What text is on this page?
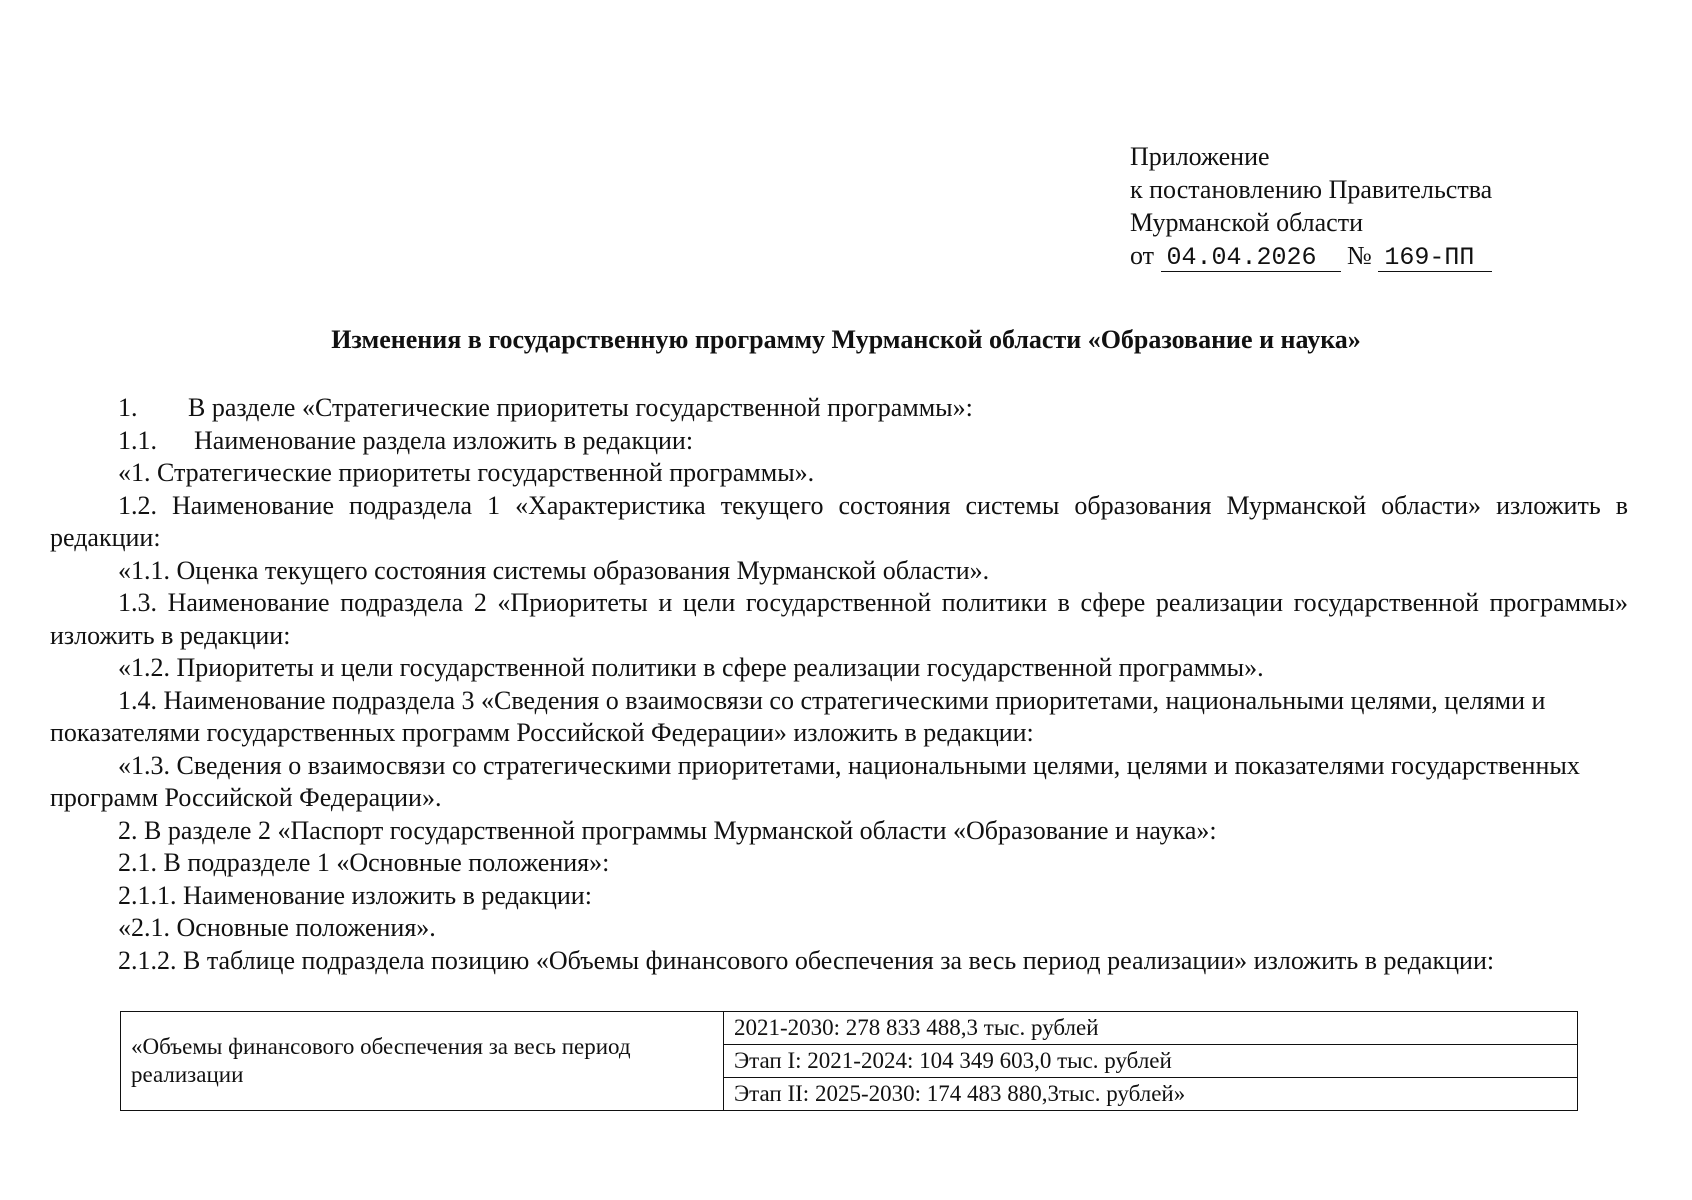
Приложение
к постановлению Правительства
Мурманской области
от 04.04.2026 № 169-ПП
Изменения в государственную программу Мурманской области «Образование и наука»

1. В разделе «Стратегические приоритеты государственной программы»:

1.1. Наименование раздела изложить в редакции:

«1. Стратегические приоритеты государственной программы».

1.2. Наименование подраздела 1 «Характеристика текущего состояния системы образования Мурманской области» изложить в редакции:

«1.1. Оценка текущего состояния системы образования Мурманской области».

1.3. Наименование подраздела 2 «Приоритеты и цели государственной политики в сфере реализации государственной программы» изложить в редакции:

«1.2. Приоритеты и цели государственной политики в сфере реализации государственной программы».

1.4. Наименование подраздела 3 «Сведения о взаимосвязи со стратегическими приоритетами, национальными целями, целями и показателями государственных программ Российской Федерации» изложить в редакции:

«1.3. Сведения о взаимосвязи со стратегическими приоритетами, национальными целями, целями и показателями государственных программ Российской Федерации».

2. В разделе 2 «Паспорт государственной программы Мурманской области «Образование и наука»:

2.1. В подразделе 1 «Основные положения»:

2.1.1. Наименование изложить в редакции:

«2.1. Основные положения».

2.1.2. В таблице подраздела позицию «Объемы финансового обеспечения за весь период реализации» изложить в редакции:

«Объемы финансового обеспечения за весь период реализации	2021-2030: 278 833 488,3 тыс. рублей
Этап I: 2021-2024: 104 349 603,0 тыс. рублей
Этап II: 2025-2030: 174 483 880,3тыс. рублей»
